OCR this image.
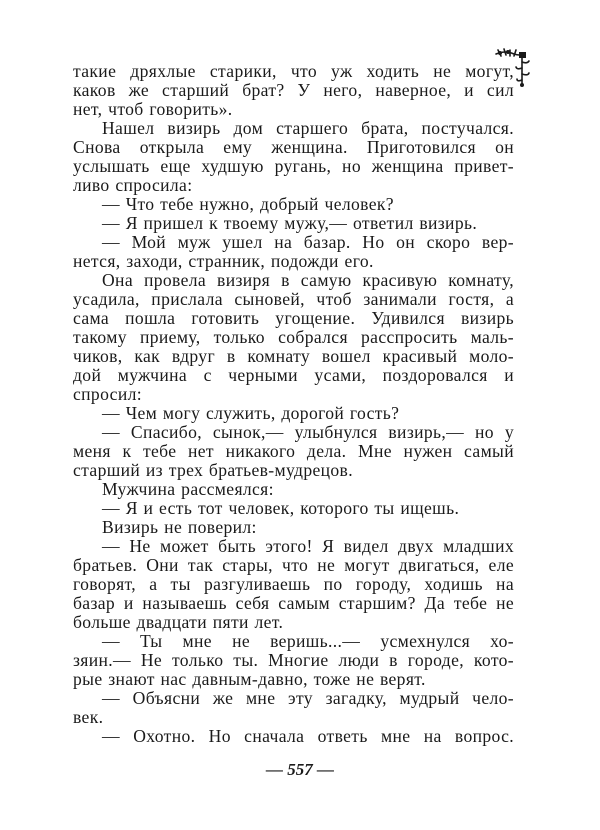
такие дряхлые старики, что уж ходить не могут,
каков же старший брат? У него, наверное, и сил
нет, чтоб говорить».
Нашел визирь дом старшего брата, постучался.
Снова открыла ему женщина. Приготовился он
услышать еще худшую ругань, но женщина привет-
ливо спросила:
— Что тебе нужно, добрый человек?
— Я пришел к твоему мужу,— ответил визирь.
— Мой муж ушел на базар. Но он скоро вер-
нется, заходи, странник, подожди его.
Она провела визиря в самую красивую комнату,
усадила, прислала сыновей, чтоб занимали гостя, а
сама пошла готовить угощение. Удивился визирь
такому приему, только собрался расспросить маль-
чиков, как вдруг в комнату вошел красивый моло-
дой мужчина с черными усами, поздоровался и
спросил:
— Чем могу служить, дорогой гость?
— Спасибо, сынок,— улыбнулся визирь,— но у
меня к тебе нет никакого дела. Мне нужен самый
старший из трех братьев-мудрецов.
Мужчина рассмеялся:
— Я и есть тот человек, которого ты ищешь.
Визирь не поверил:
— Не может быть этого! Я видел двух младших
братьев. Они так стары, что не могут двигаться, еле
говорят, а ты разгуливаешь по городу, ходишь на
базар и называешь себя самым старшим? Да тебе не
больше двадцати пяти лет.
— Ты мне не веришь...— усмехнулся хо-
зяин.— Не только ты. Многие люди в городе, кото-
рые знают нас давным-давно, тоже не верят.
— Объясни же мне эту загадку, мудрый чело-
век.
— Охотно. Но сначала ответь мне на вопрос.
— 557 —
